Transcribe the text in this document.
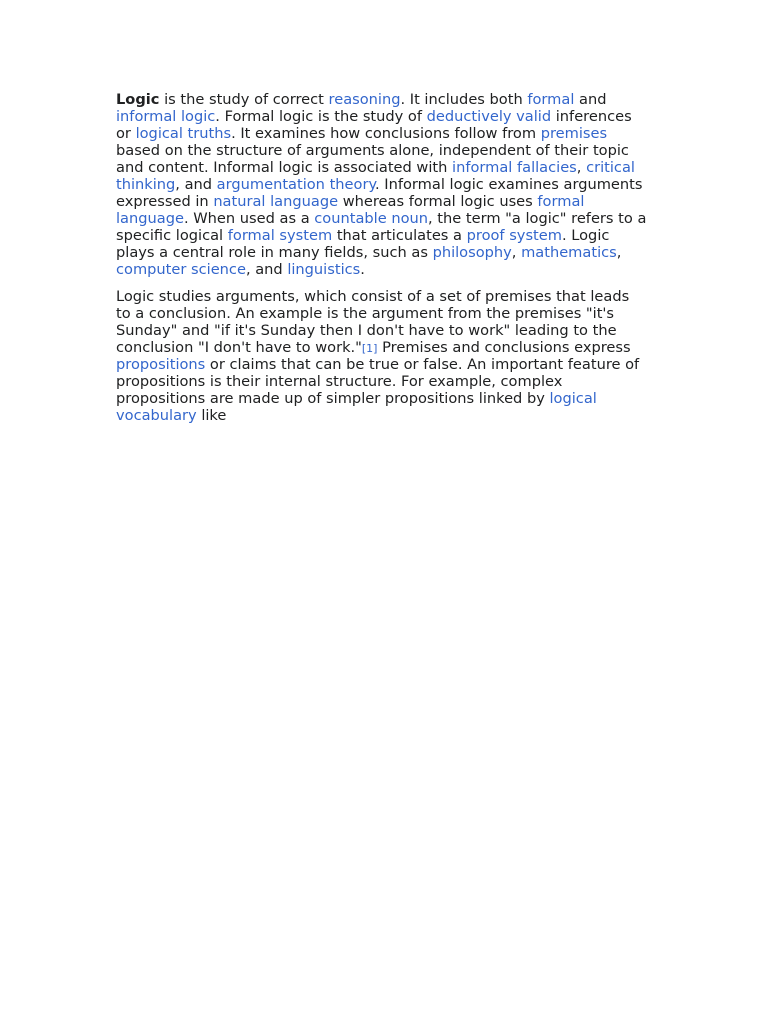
Logic is the study of correct reasoning. It includes both formal and informal logic. Formal logic is the study of deductively valid inferences or logical truths. It examines how conclusions follow from premises based on the structure of arguments alone, independent of their topic and content. Informal logic is associated with informal fallacies, critical thinking, and argumentation theory. Informal logic examines arguments expressed in natural language whereas formal logic uses formal language. When used as a countable noun, the term "a logic" refers to a specific logical formal system that articulates a proof system. Logic plays a central role in many fields, such as philosophy, mathematics, computer science, and linguistics.

Logic studies arguments, which consist of a set of premises that leads to a conclusion. An example is the argument from the premises "it's Sunday" and "if it's Sunday then I don't have to work" leading to the conclusion "I don't have to work."[1] Premises and conclusions express propositions or claims that can be true or false. An important feature of propositions is their internal structure. For example, complex propositions are made up of simpler propositions linked by logical vocabulary like
